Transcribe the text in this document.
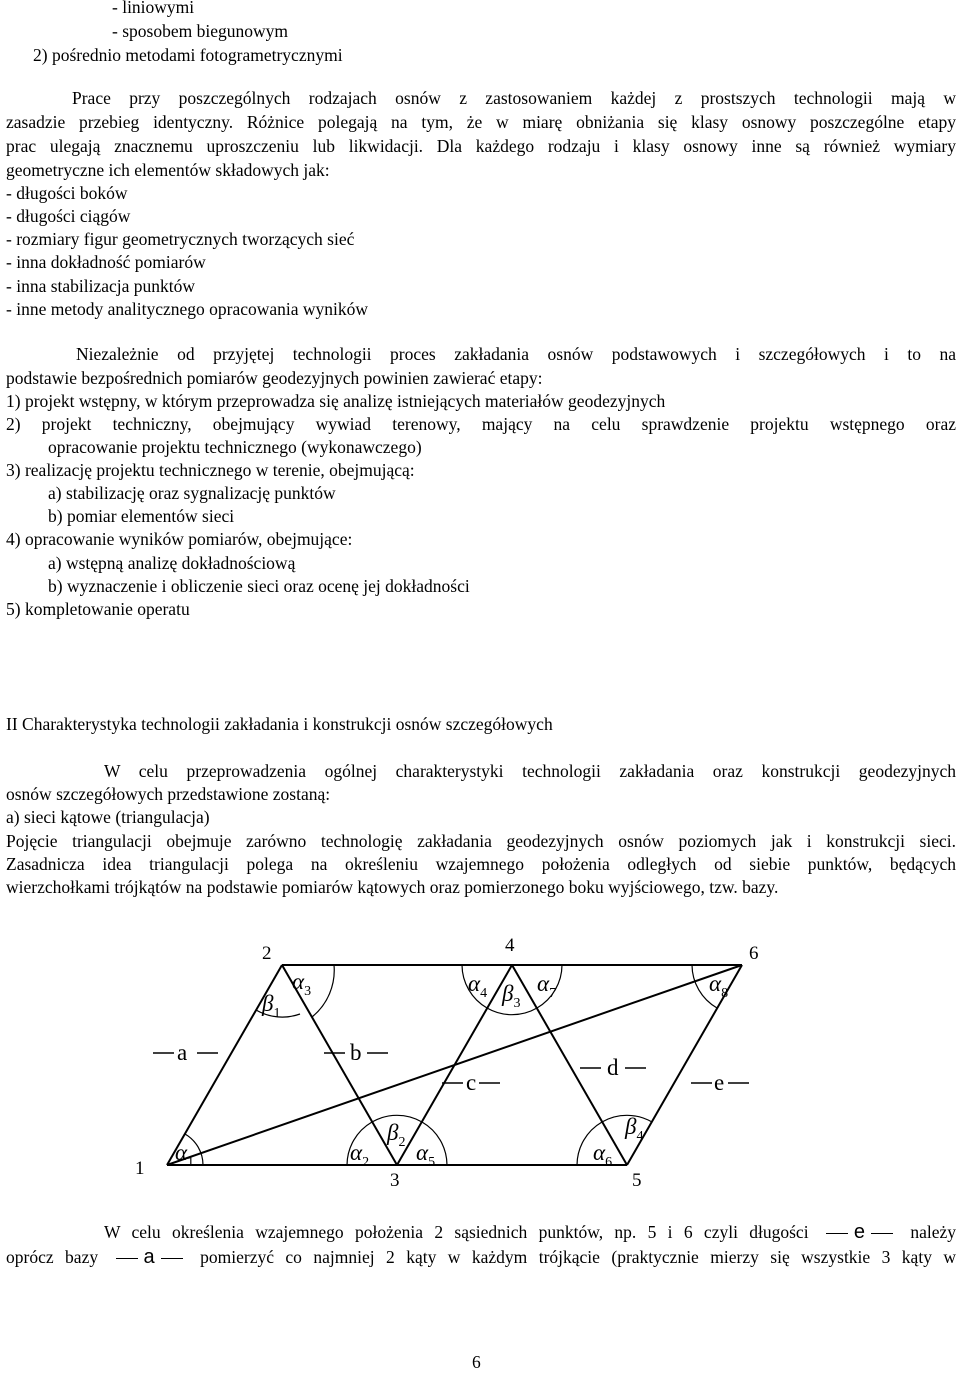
- liniowymi
- sposobem biegunowym
2) pośrednio metodami fotogrametrycznymi
Prace przy poszczególnych rodzajach osnów z zastosowaniem każdej z prostszych technologii mają w
zasadzie przebieg identyczny. Różnice polegają na tym, że w miarę obniżania się klasy osnowy poszczególne etapy
prac ulegają znacznemu uproszczeniu lub likwidacji. Dla każdego rodzaju i klasy osnowy inne są również wymiary
geometryczne ich elementów składowych jak:
- długości boków
- długości ciągów
- rozmiary figur geometrycznych tworzących sieć
- inna dokładność pomiarów
- inna stabilizacja punktów
- inne metody analitycznego opracowania wyników
Niezależnie od przyjętej technologii proces zakładania osnów podstawowych i szczegółowych i to na
podstawie bezpośrednich pomiarów geodezyjnych powinien zawierać etapy:
1) projekt wstępny, w którym przeprowadza się analizę istniejących materiałów geodezyjnych
2) projekt techniczny, obejmujący wywiad terenowy, mający na celu sprawdzenie projektu wstępnego oraz
opracowanie projektu technicznego (wykonawczego)
3) realizację projektu technicznego w terenie, obejmującą:
a) stabilizację oraz sygnalizację punktów
b) pomiar elementów sieci
4) opracowanie wyników pomiarów, obejmujące:
a) wstępną analizę dokładnościową
b) wyznaczenie i obliczenie sieci oraz ocenę jej dokładności
5) kompletowanie operatu
II Charakterystyka technologii zakładania i konstrukcji osnów szczegółowych
W celu przeprowadzenia ogólnej charakterystyki technologii zakładania oraz konstrukcji geodezyjnych
osnów szczegółowych przedstawione zostaną:
a) sieci kątowe (triangulacja)
Pojęcie triangulacji obejmuje zarówno technologię zakładania geodezyjnych osnów poziomych jak i konstrukcji sieci.
Zasadnicza idea triangulacji polega na określeniu wzajemnego położenia odległych od siebie punktów, będących
wierzchołkami trójkątów na podstawie pomiarów kątowych oraz pomierzonego boku wyjściowego, tzw. bazy.
1
2
3
4
5
6
a	b
c
d
e
$\beta_1$
$\alpha_3$	$\alpha_4$ $\beta_3$
$\alpha_7$	$\alpha_8$
$\alpha_1$	$\alpha_2$
$\beta_2$ $\alpha_5$	$\alpha_6$
$\beta_4$
W celu określenia wzajemnego położenia 2 sąsiednich punktów, np. 5 i 6 czyli długości e	należy
oprócz bazy a	pomierzyć co najmniej 2 kąty w każdym trójkącie (praktycznie mierzy się wszystkie 3 kąty w
6
